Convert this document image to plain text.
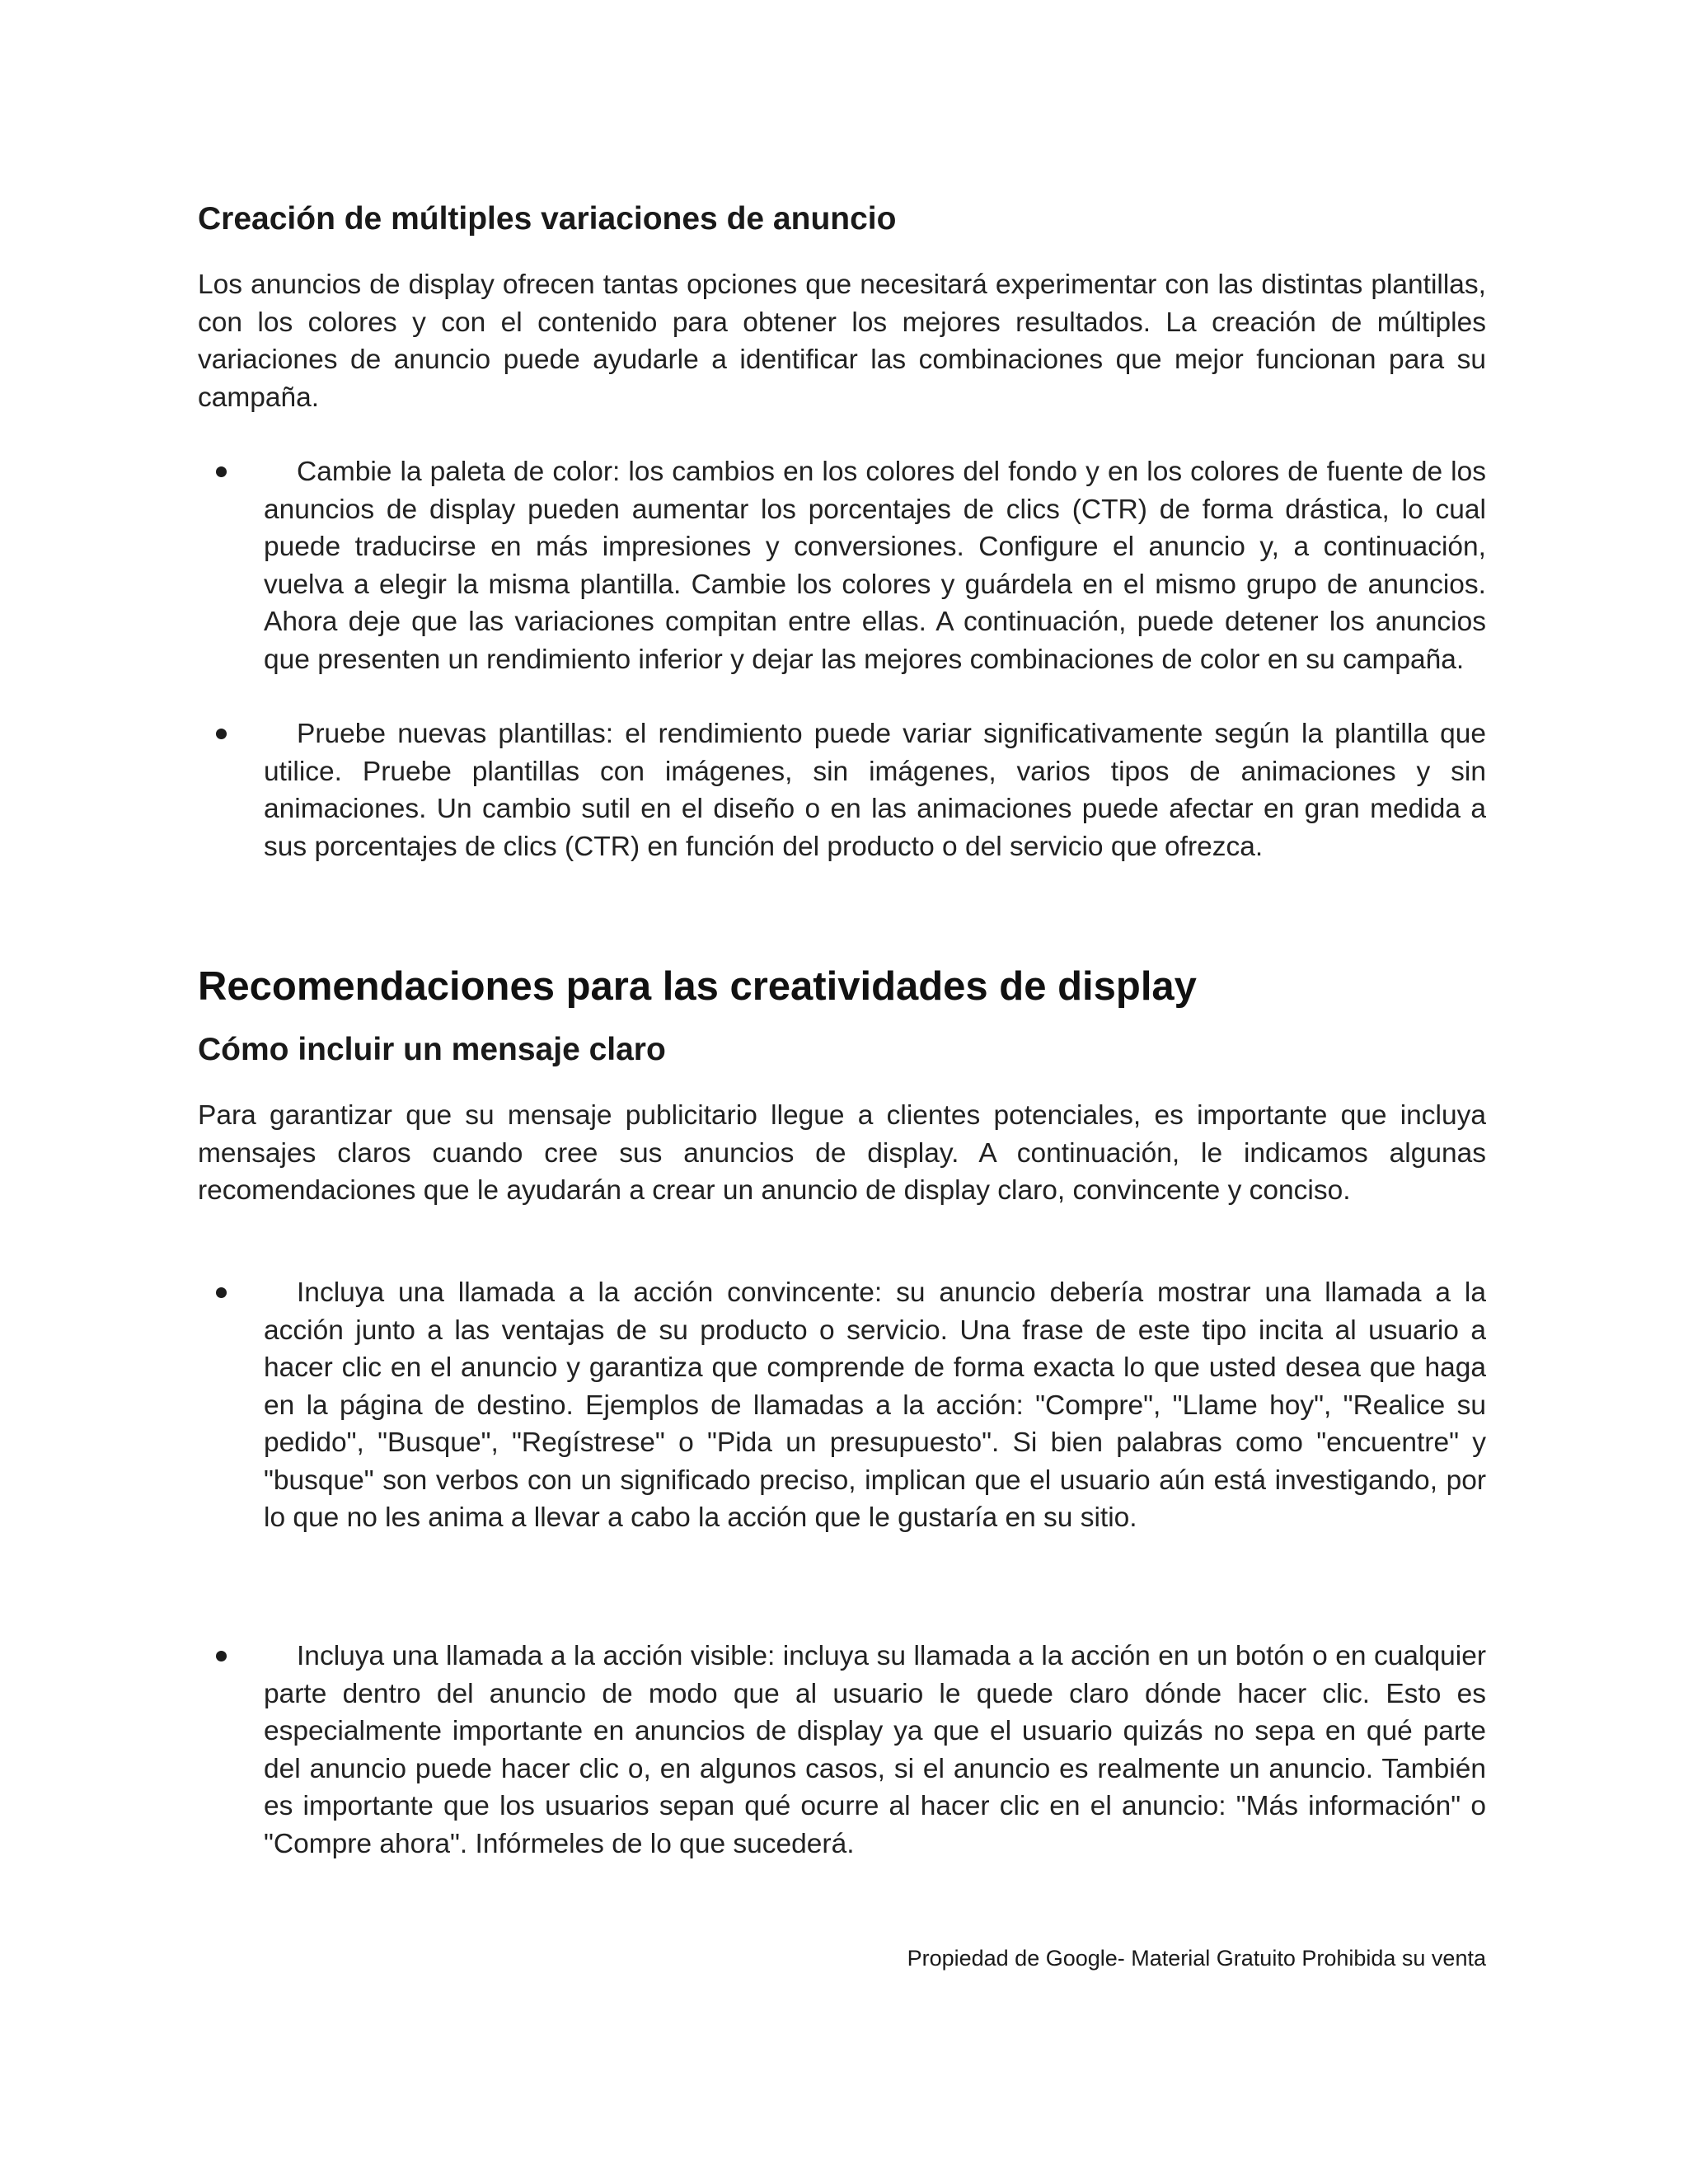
Creación de múltiples variaciones de anuncio

Los anuncios de display ofrecen tantas opciones que necesitará experimentar con las distintas plantillas, con los colores y con el contenido para obtener los mejores resultados. La creación de múltiples variaciones de anuncio puede ayudarle a identificar las combinaciones que mejor funcionan para su campaña.

Cambie la paleta de color: los cambios en los colores del fondo y en los colores de fuente de los anuncios de display pueden aumentar los porcentajes de clics (CTR) de forma drástica, lo cual puede traducirse en más impresiones y conversiones. Configure el anuncio y, a continuación, vuelva a elegir la misma plantilla. Cambie los colores y guárdela en el mismo grupo de anuncios. Ahora deje que las variaciones compitan entre ellas. A continuación, puede detener los anuncios que presenten un rendimiento inferior y dejar las mejores combinaciones de color en su campaña.

Pruebe nuevas plantillas: el rendimiento puede variar significativamente según la plantilla que utilice. Pruebe plantillas con imágenes, sin imágenes, varios tipos de animaciones y sin animaciones. Un cambio sutil en el diseño o en las animaciones puede afectar en gran medida a sus porcentajes de clics (CTR) en función del producto o del servicio que ofrezca.

Recomendaciones para las creatividades de display
Cómo incluir un mensaje claro

Para garantizar que su mensaje publicitario llegue a clientes potenciales, es importante que incluya mensajes claros cuando cree sus anuncios de display. A continuación, le indicamos algunas recomendaciones que le ayudarán a crear un anuncio de display claro, convincente y conciso.

Incluya una llamada a la acción convincente: su anuncio debería mostrar una llamada a la acción junto a las ventajas de su producto o servicio. Una frase de este tipo incita al usuario a hacer clic en el anuncio y garantiza que comprende de forma exacta lo que usted desea que haga en la página de destino. Ejemplos de llamadas a la acción: "Compre", "Llame hoy", "Realice su pedido", "Busque", "Regístrese" o "Pida un presupuesto". Si bien palabras como "encuentre" y "busque" son verbos con un significado preciso, implican que el usuario aún está investigando, por lo que no les anima a llevar a cabo la acción que le gustaría en su sitio.

Incluya una llamada a la acción visible: incluya su llamada a la acción en un botón o en cualquier parte dentro del anuncio de modo que al usuario le quede claro dónde hacer clic. Esto es especialmente importante en anuncios de display ya que el usuario quizás no sepa en qué parte del anuncio puede hacer clic o, en algunos casos, si el anuncio es realmente un anuncio. También es importante que los usuarios sepan qué ocurre al hacer clic en el anuncio: "Más información" o "Compre ahora". Infórmeles de lo que sucederá.

Propiedad de Google- Material Gratuito Prohibida su venta
